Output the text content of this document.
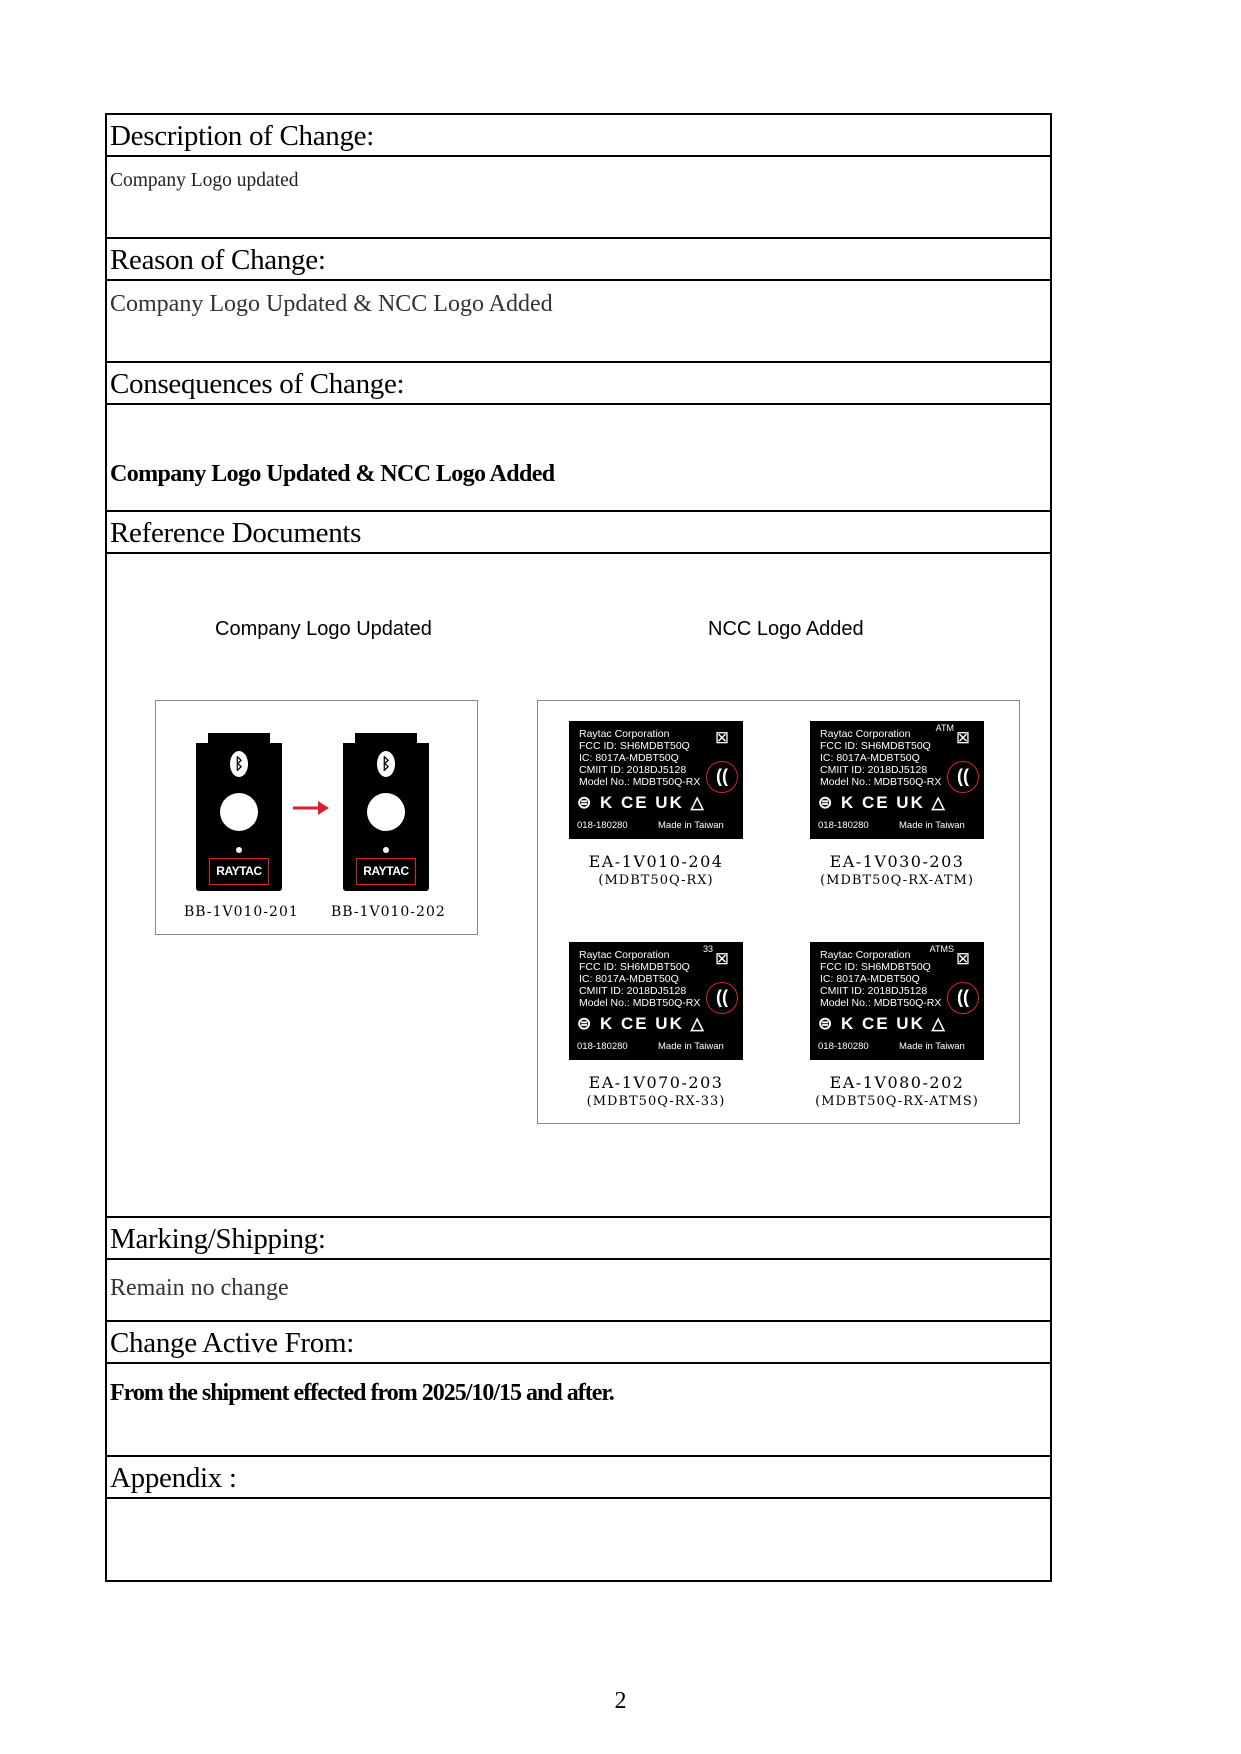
Description of Change:
Company Logo updated
Reason of Change:
Company Logo Updated & NCC Logo Added
Consequences of Change:
Company Logo Updated & NCC Logo Added
Reference Documents
Company Logo Updated	NCC Logo Added
ᛒ
RAYTAC
ᛒ
RAYTAC
BB-1V010-201 BB-1V010-202
Raytac Corporation
FCC ID: SH6MDBT50Q
IC: 8017A-MDBT50Q
CMIIT ID: 2018DJ5128
Model No.: MDBT50Q-RX
⊠
((
⊜ K CE UK △
018-180280	Made in Taiwan
EA-1V010-204
(MDBT50Q-RX)
ATM
Raytac Corporation
FCC ID: SH6MDBT50Q
IC: 8017A-MDBT50Q
CMIIT ID: 2018DJ5128
Model No.: MDBT50Q-RX
⊠
((
⊜ K CE UK △
018-180280	Made in Taiwan
EA-1V030-203
(MDBT50Q-RX-ATM)
33
Raytac Corporation
FCC ID: SH6MDBT50Q
IC: 8017A-MDBT50Q
CMIIT ID: 2018DJ5128
Model No.: MDBT50Q-RX
⊠
((
⊜ K CE UK △
018-180280	Made in Taiwan
EA-1V070-203
(MDBT50Q-RX-33)
ATMS
Raytac Corporation
FCC ID: SH6MDBT50Q
IC: 8017A-MDBT50Q
CMIIT ID: 2018DJ5128
Model No.: MDBT50Q-RX
⊠
((
⊜ K CE UK △
018-180280	Made in Taiwan
EA-1V080-202
(MDBT50Q-RX-ATMS)
Marking/Shipping:
Remain no change
Change Active From:
From the shipment effected from 2025/10/15 and after.
Appendix :
2
